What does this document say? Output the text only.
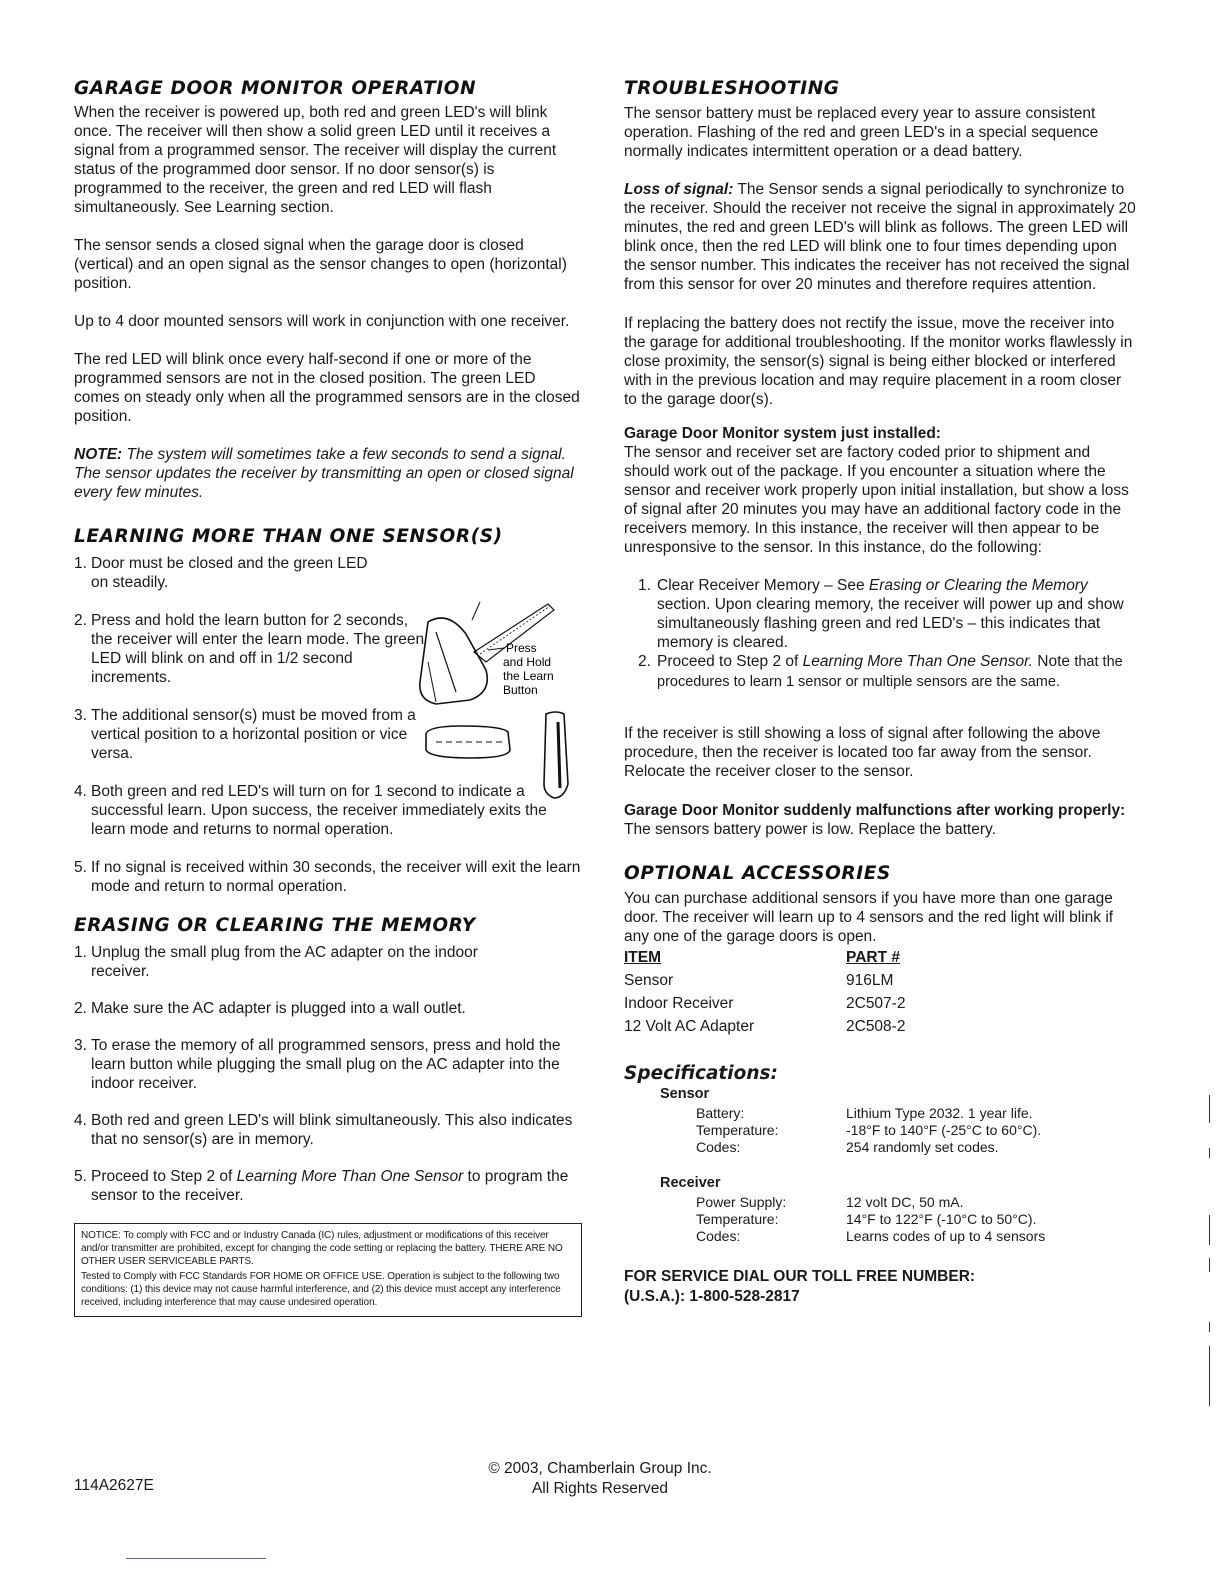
GARAGE DOOR MONITOR OPERATION

When the receiver is powered up, both red and green LED's will blink once. The receiver will then show a solid green LED until it receives a signal from a programmed sensor. The receiver will display the current status of the programmed door sensor. If no door sensor(s) is programmed to the receiver, the green and red LED will flash simultaneously. See Learning section.

The sensor sends a closed signal when the garage door is closed (vertical) and an open signal as the sensor changes to open (horizontal) position.

Up to 4 door mounted sensors will work in conjunction with one receiver.

The red LED will blink once every half-second if one or more of the programmed sensors are not in the closed position. The green LED comes on steady only when all the programmed sensors are in the closed position.

NOTE: The system will sometimes take a few seconds to send a signal. The sensor updates the receiver by transmitting an open or closed signal every few minutes.

LEARNING MORE THAN ONE SENSOR(S)
1. Door must be closed and the green LED on steadily.
2. Press and hold the learn button for 2 seconds, the receiver will enter the learn mode. The green LED will blink on and off in 1/2 second increments.
3. The additional sensor(s) must be moved from a vertical position to a horizontal position or vice versa.
4. Both green and red LED's will turn on for 1 second to indicate a successful learn. Upon success, the receiver immediately exits the learn mode and returns to normal operation.
5. If no signal is received within 30 seconds, the receiver will exit the learn mode and return to normal operation.
ERASING OR CLEARING THE MEMORY
1. Unplug the small plug from the AC adapter on the indoor receiver.
2. Make sure the AC adapter is plugged into a wall outlet.
3. To erase the memory of all programmed sensors, press and hold the learn button while plugging the small plug on the AC adapter into the indoor receiver.
4. Both red and green LED's will blink simultaneously. This also indicates that no sensor(s) are in memory.
5. Proceed to Step 2 of Learning More Than One Sensor to program the sensor to the receiver.

NOTICE: To comply with FCC and or Industry Canada (IC) rules, adjustment or modifications of this receiver and/or transmitter are prohibited, except for changing the code setting or replacing the battery. THERE ARE NO OTHER USER SERVICEABLE PARTS.

Tested to Comply with FCC Standards FOR HOME OR OFFICE USE. Operation is subject to the following two conditions: (1) this device may not cause harmful interference, and (2) this device must accept any interference received, including interference that may cause undesired operation.

Press
and Hold
the Learn
Button
TROUBLESHOOTING

The sensor battery must be replaced every year to assure consistent operation. Flashing of the red and green LED's in a special sequence normally indicates intermittent operation or a dead battery.

Loss of signal: The Sensor sends a signal periodically to synchronize to the receiver. Should the receiver not receive the signal in approximately 20 minutes, the red and green LED's will blink as follows. The green LED will blink once, then the red LED will blink one to four times depending upon the sensor number. This indicates the receiver has not received the signal from this sensor for over 20 minutes and therefore requires attention.

If replacing the battery does not rectify the issue, move the receiver into the garage for additional troubleshooting. If the monitor works flawlessly in close proximity, the sensor(s) signal is being either blocked or interfered with in the previous location and may require placement in a room closer to the garage door(s).

Garage Door Monitor system just installed:

The sensor and receiver set are factory coded prior to shipment and should work out of the package. If you encounter a situation where the sensor and receiver work properly upon initial installation, but show a loss of signal after 20 minutes you may have an additional factory code in the receivers memory. In this instance, the receiver will then appear to be unresponsive to the sensor. In this instance, do the following:

1. Clear Receiver Memory – See Erasing or Clearing the Memory section. Upon clearing memory, the receiver will power up and show simultaneously flashing green and red LED's – this indicates that memory is cleared.
2. Proceed to Step 2 of Learning More Than One Sensor. Note that the procedures to learn 1 sensor or multiple sensors are the same.

If the receiver is still showing a loss of signal after following the above procedure, then the receiver is located too far away from the sensor. Relocate the receiver closer to the sensor.

Garage Door Monitor suddenly malfunctions after working properly:

The sensors battery power is low. Replace the battery.

OPTIONAL ACCESSORIES

You can purchase additional sensors if you have more than one garage door. The receiver will learn up to 4 sensors and the red light will blink if any one of the garage doors is open.

ITEM	PART #
Sensor	916LM
Indoor Receiver	2C507-2
12 Volt AC Adapter	2C508-2
Specifications:
Sensor
Battery:	Lithium Type 2032. 1 year life.
Temperature:	-18°F to 140°F (-25°C to 60°C).
Codes:	254 randomly set codes.
Receiver
Power Supply:	12 volt DC, 50 mA.
Temperature:	14°F to 122°F (-10°C to 50°C).
Codes:	Learns codes of up to 4 sensors
FOR SERVICE DIAL OUR TOLL FREE NUMBER:
(U.S.A.): 1-800-528-2817
114A2627E
© 2003, Chamberlain Group Inc.
All Rights Reserved
